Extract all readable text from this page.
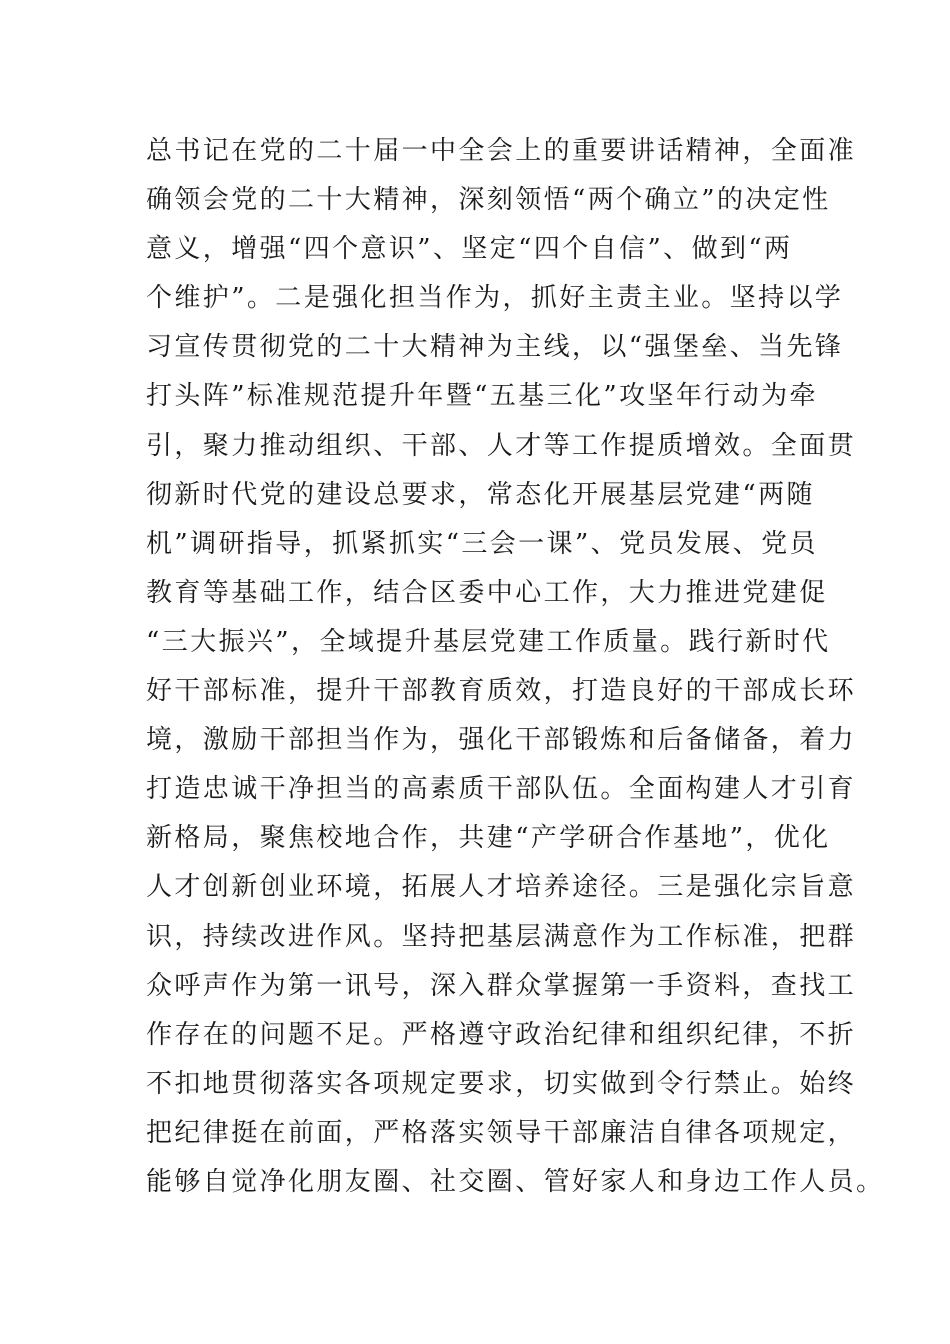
总书记在党的二十届一中全会上的重要讲话精神，全面准
确领会党的二十大精神，深刻领悟“两个确立”的决定性
意义，增强“四个意识”、坚定“四个自信”、做到“两
个维护”。二是强化担当作为，抓好主责主业。坚持以学
习宣传贯彻党的二十大精神为主线，以“强堡垒、当先锋
打头阵”标准规范提升年暨“五基三化”攻坚年行动为牵
引，聚力推动组织、干部、人才等工作提质增效。全面贯
彻新时代党的建设总要求，常态化开展基层党建“两随
机”调研指导，抓紧抓实“三会一课”、党员发展、党员
教育等基础工作，结合区委中心工作，大力推进党建促
“三大振兴”，全域提升基层党建工作质量。践行新时代
好干部标准，提升干部教育质效，打造良好的干部成长环
境，激励干部担当作为，强化干部锻炼和后备储备，着力
打造忠诚干净担当的高素质干部队伍。全面构建人才引育
新格局，聚焦校地合作，共建“产学研合作基地”，优化
人才创新创业环境，拓展人才培养途径。三是强化宗旨意
识，持续改进作风。坚持把基层满意作为工作标准，把群
众呼声作为第一讯号，深入群众掌握第一手资料，查找工
作存在的问题不足。严格遵守政治纪律和组织纪律，不折
不扣地贯彻落实各项规定要求，切实做到令行禁止。始终
把纪律挺在前面，严格落实领导干部廉洁自律各项规定，
能够自觉净化朋友圈、社交圈、管好家人和身边工作人员。
